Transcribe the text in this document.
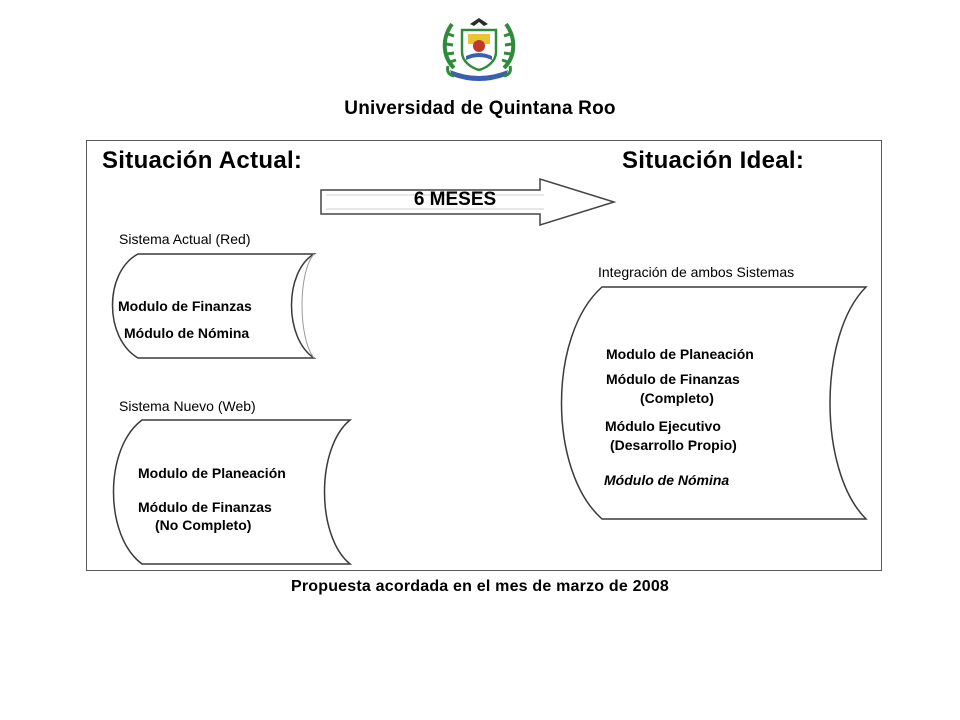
Universidad de Quintana Roo
Situación Actual:	Situación Ideal:
6 MESES
Sistema Actual (Red)
Sistema Nuevo (Web)
Integración de ambos Sistemas
Modulo de Finanzas
Módulo de Nómina
Modulo de Planeación
Módulo de Finanzas
(No Completo)
Modulo de Planeación
Módulo de Finanzas
(Completo)
Módulo Ejecutivo
(Desarrollo Propio)
Módulo de Nómina
Propuesta acordada en el mes de marzo de 2008
